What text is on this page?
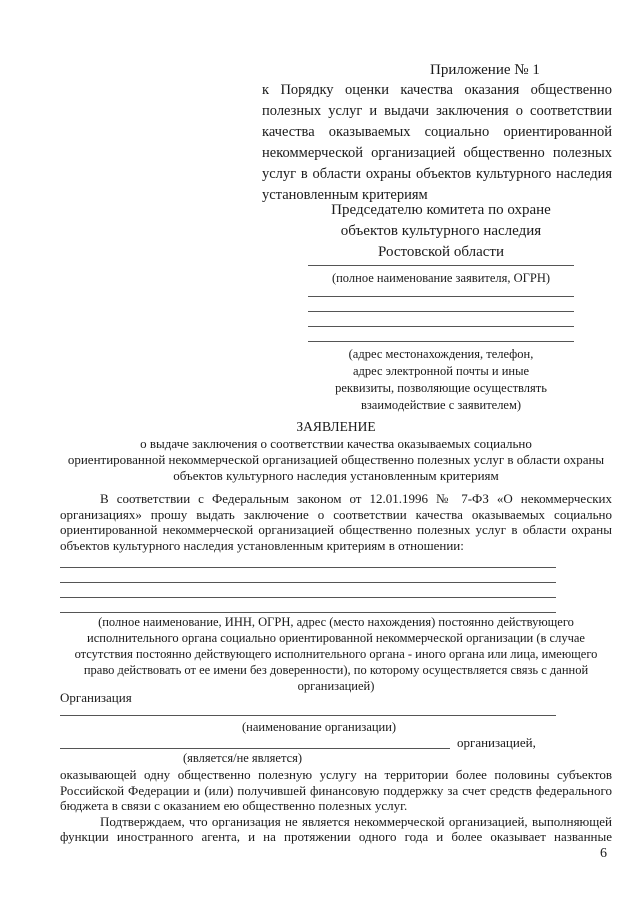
Приложение № 1
к Порядку оценки качества оказания общественно
полезных услуг и выдачи заключения о соответствии
качества оказываемых социально ориентированной
некоммерческой организацией общественно полезных
услуг в области охраны объектов культурного наследия
установленным критериям
Председателю комитета по охране
объектов культурного наследия
Ростовской области
(полное наименование заявителя, ОГРН)
(адрес местонахождения, телефон,
адрес электронной почты и иные
реквизиты, позволяющие осуществлять
взаимодействие с заявителем)
ЗАЯВЛЕНИЕ
о выдаче заключения о соответствии качества оказываемых социально
ориентированной некоммерческой организацией общественно полезных услуг в области охраны
объектов культурного наследия установленным критериям
В соответствии с Федеральным законом от 12.01.1996 № 7-ФЗ «О некоммерческих
организациях» прошу выдать заключение о соответствии качества оказываемых социально
ориентированной некоммерческой организацией общественно полезных услуг в области охраны
объектов культурного наследия установленным критериям в отношении:
(полное наименование, ИНН, ОГРН, адрес (место нахождения) постоянно действующего
исполнительного органа социально ориентированной некоммерческой организации (в случае
отсутствия постоянно действующего исполнительного органа - иного органа или лица, имеющего
право действовать от ее имени без доверенности), по которому осуществляется связь с данной
организацией)
Организация
(наименование организации)
организацией,
(является/не является)
оказывающей одну общественно полезную услугу на территории более половины субъектов
Российской Федерации и (или) получившей финансовую поддержку за счет средств федерального
бюджета в связи с оказанием ею общественно полезных услуг.
Подтверждаем, что организация не является некоммерческой организацией, выполняющей
функции иностранного агента, и на протяжении одного года и более оказывает названные
6
